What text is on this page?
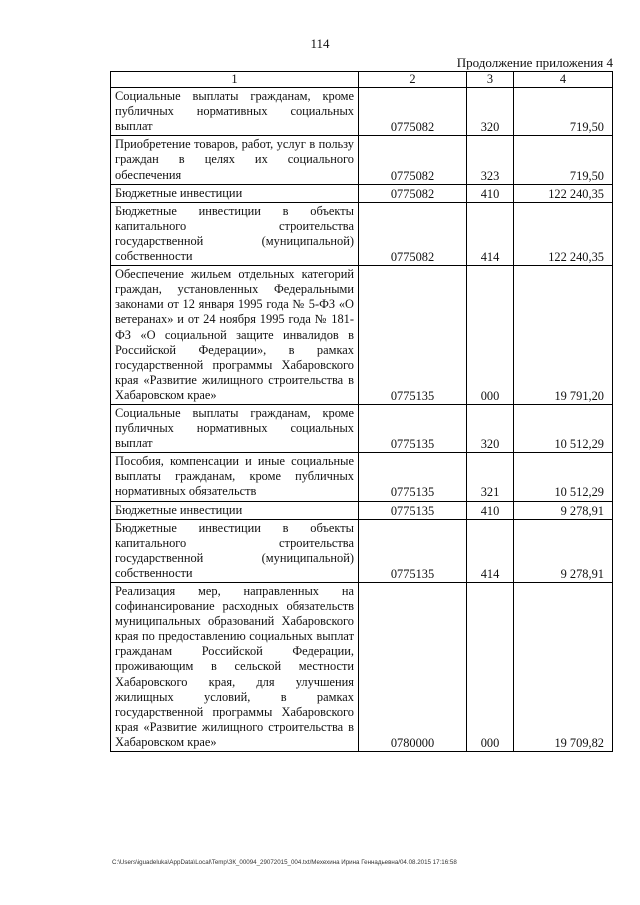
114
Продолжение приложения 4
1	2	3	4
Социальные выплаты гражданам, кроме публичных нормативных социальных выплат	0775082	320	719,50
Приобретение товаров, работ, услуг в пользу граждан в целях их социального обеспечения	0775082	323	719,50
Бюджетные инвестиции	0775082	410	122 240,35
Бюджетные инвестиции в объекты капитального строительства государственной (муниципальной) собственности	0775082	414	122 240,35
Обеспечение жильем отдельных категорий граждан, установленных Федеральными законами от 12 января 1995 года № 5-ФЗ «О ветеранах» и от 24 ноября 1995 года № 181-ФЗ «О социальной защите инвалидов в Российской Федерации», в рамках государственной программы Хабаровского края «Развитие жилищного строительства в Хабаровском крае»	0775135	000	19 791,20
Социальные выплаты гражданам, кроме публичных нормативных социальных выплат	0775135	320	10 512,29
Пособия, компенсации и иные социальные выплаты гражданам, кроме публичных нормативных обязательств	0775135	321	10 512,29
Бюджетные инвестиции	0775135	410	9 278,91
Бюджетные инвестиции в объекты капитального строительства государственной (муниципальной) собственности	0775135	414	9 278,91
Реализация мер, направленных на софинансирование расходных обязательств муниципальных образований Хабаровского края по предоставлению социальных выплат гражданам Российской Федерации, проживающим в сельской местности Хабаровского края, для улучшения жилищных условий, в рамках государственной программы Хабаровского края «Развитие жилищного строительства в Хабаровском крае»	0780000	000	19 709,82
C:\Users\iguadeluka\AppData\Local\Temp\ЗК_00094_29072015_004.txt/Мехехина Ирина Геннадьевна/04.08.2015 17:16:58
